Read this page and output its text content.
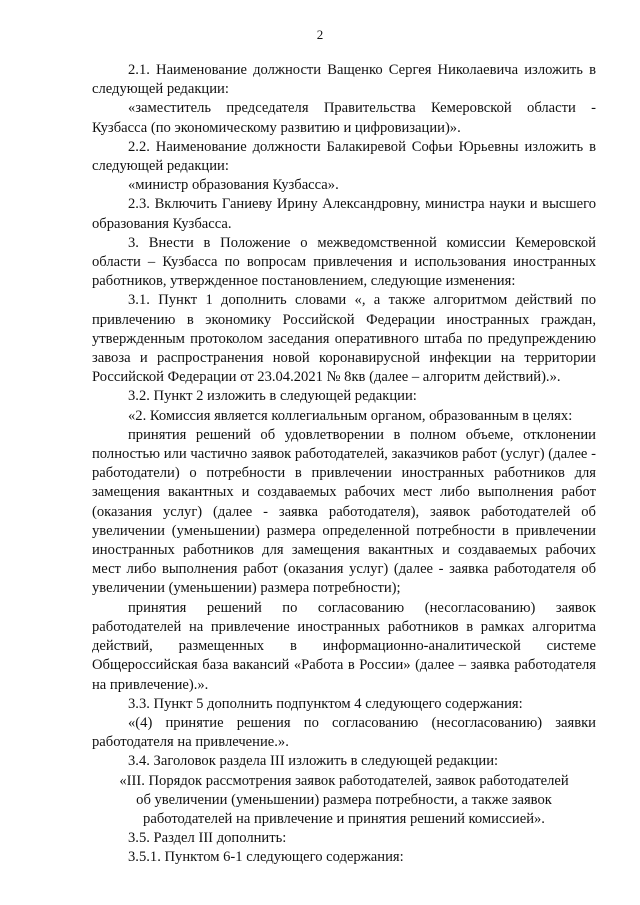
2

2.1. Наименование должности Ващенко Сергея Николаевича изложить в следующей редакции:

«заместитель председателя Правительства Кемеровской области - Кузбасса (по экономическому развитию и цифровизации)».

2.2. Наименование должности Балакиревой Софьи Юрьевны изложить в следующей редакции:

«министр образования Кузбасса».

2.3. Включить Ганиеву Ирину Александровну, министра науки и высшего образования Кузбасса.

3. Внести в Положение о межведомственной комиссии Кемеровской области – Кузбасса по вопросам привлечения и использования иностранных работников, утвержденное постановлением, следующие изменения:

3.1. Пункт 1 дополнить словами «, а также алгоритмом действий по привлечению в экономику Российской Федерации иностранных граждан, утвержденным протоколом заседания оперативного штаба по предупреждению завоза и распространения новой коронавирусной инфекции на территории Российской Федерации от 23.04.2021 № 8кв (далее – алгоритм действий).».

3.2. Пункт 2 изложить в следующей редакции:

«2. Комиссия является коллегиальным органом, образованным в целях:

принятия решений об удовлетворении в полном объеме, отклонении полностью или частично заявок работодателей, заказчиков работ (услуг) (далее - работодатели) о потребности в привлечении иностранных работников для замещения вакантных и создаваемых рабочих мест либо выполнения работ (оказания услуг) (далее - заявка работодателя), заявок работодателей об увеличении (уменьшении) размера определенной потребности в привлечении иностранных работников для замещения вакантных и создаваемых рабочих мест либо выполнения работ (оказания услуг) (далее - заявка работодателя об увеличении (уменьшении) размера потребности);

принятия решений по согласованию (несогласованию) заявок работодателей на привлечение иностранных работников в рамках алгоритма действий, размещенных в информационно-аналитической системе Общероссийская база вакансий «Работа в России» (далее – заявка работодателя на привлечение).».

3.3. Пункт 5 дополнить подпунктом 4 следующего содержания:

«(4) принятие решения по согласованию (несогласованию) заявки работодателя на привлечение.».

3.4. Заголовок раздела III изложить в следующей редакции:

«III. Порядок рассмотрения заявок работодателей, заявок работодателей
об увеличении (уменьшении) размера потребности, а также заявок
работодателей на привлечение и принятия решений комиссией».

3.5. Раздел III дополнить:

3.5.1. Пунктом 6-1 следующего содержания:
